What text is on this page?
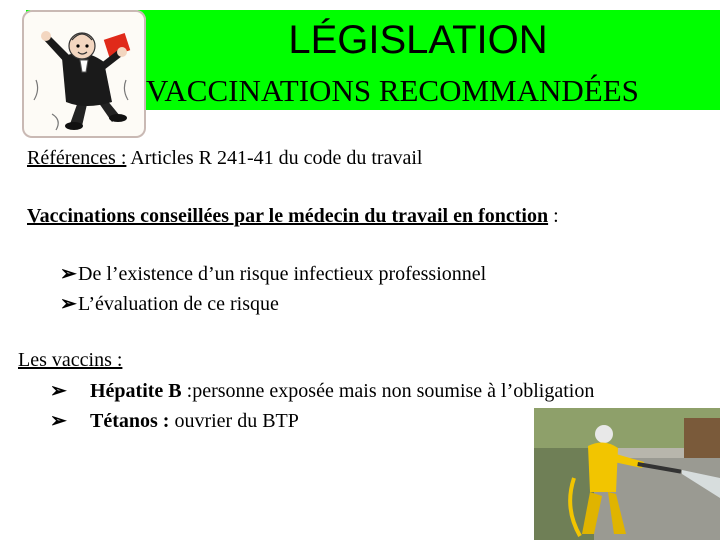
LÉGISLATION
VACCINATIONS RECOMMANDÉES
Références : Articles R 241-41 du code du travail
Vaccinations conseillées par le médecin du travail en fonction :
➢De l’existence d’un risque infectieux professionnel
➢L’évaluation de ce risque
Les vaccins :
➢ Hépatite B :personne exposée mais non soumise à l’obligation
➢ Tétanos : ouvrier du BTP
